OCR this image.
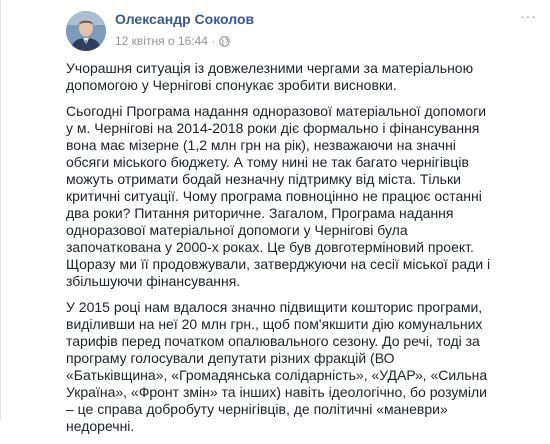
Олександр Соколов
12 квітня о 16:44 ·
···

Учорашня ситуація із довжелезними чергами за матеріальною допомогою у Чернігові спонукає зробити висновки.

Сьогодні Програма надання одноразової матеріальної допомоги у м. Чернігові на 2014-2018 роки діє формально і фінансування вона має мізерне (1,2 млн грн на рік), незважаючи на значні обсяги міського бюджету. А тому нині не так багато чернігівців можуть отримати бодай незначну підтримку від міста. Тільки критичні ситуації. Чому програма повноцінно не працює останні два роки? Питання риторичне. Загалом, Програма надання одноразової матеріальної допомоги у Чернігові була започаткована у 2000-х роках. Це був довготерміновий проект. Щоразу ми її продовжували, затверджуючи на сесії міської ради і збільшуючи фінансування.

У 2015 році нам вдалося значно підвищити кошторис програми, виділивши на неї 20 млн грн., щоб пом'якшити дію комунальних тарифів перед початком опалювального сезону. До речі, тоді за програму голосували депутати різних фракцій (ВО «Батьківщина», «Громадянська солідарність», «УДАР», «Сильна Україна», «Фронт змін» та інших) навіть ідеологічно, бо розуміли – це справа добробуту чернігівців, де політичні «маневри» недоречні.
